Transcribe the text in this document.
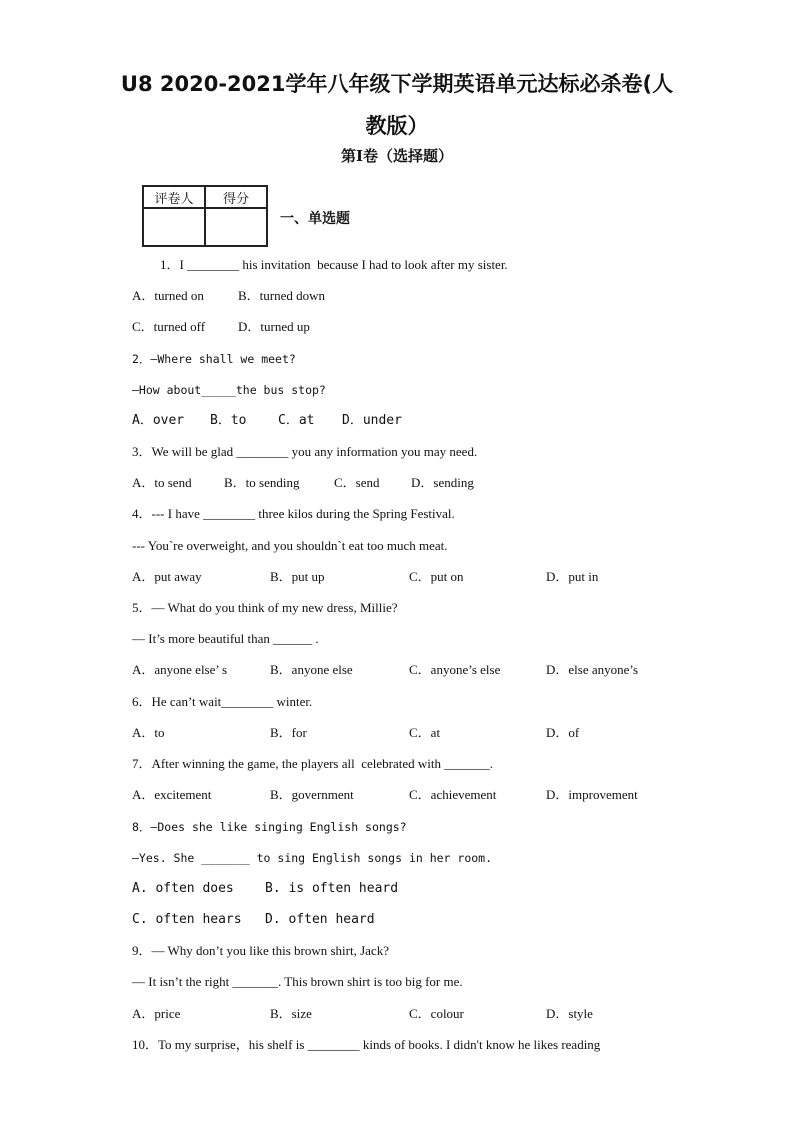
U8 2020-2021学年八年级下学期英语单元达标必杀卷(人
教版）
第I卷（选择题）
评卷人	得分

一、单选题
1．I ________ his invitation  because I had to look after my sister.
A．turned on	B．turned down
C．turned off	D．turned up
2．—Where shall we meet?
—How about_____the bus stop?
A．over B．to C．at D．under
3．We will be glad ________ you any information you may need.
A．to send B．to sending	C．send D．sending
4．--- I have ________ three kilos during the Spring Festival.
--- You`re overweight, and you shouldn`t eat too much meat.
A．put away	B．put up	C．put on	D．put in
5．— What do you think of my new dress, Millie?
— It’s more beautiful than ______ .
A．anyone else’ s	B．anyone else	C．anyone’s else	D．else anyone’s
6．He can’t wait________ winter.
A．to	B．for	C．at	D．of
7．After winning the game, the players all  celebrated with _______.
A．excitement	B．government	C．achievement	D．improvement
8．—Does she like singing English songs?
—Yes. She _______ to sing English songs in her room.
A. often does B. is often heard
C. often hears D. often heard
9．— Why don’t you like this brown shirt, Jack?
— It isn’t the right _______. This brown shirt is too big for me.
A．price	B．size	C．colour	D．style
10．To my surprise，his shelf is ________ kinds of books. I didn't know he likes reading
